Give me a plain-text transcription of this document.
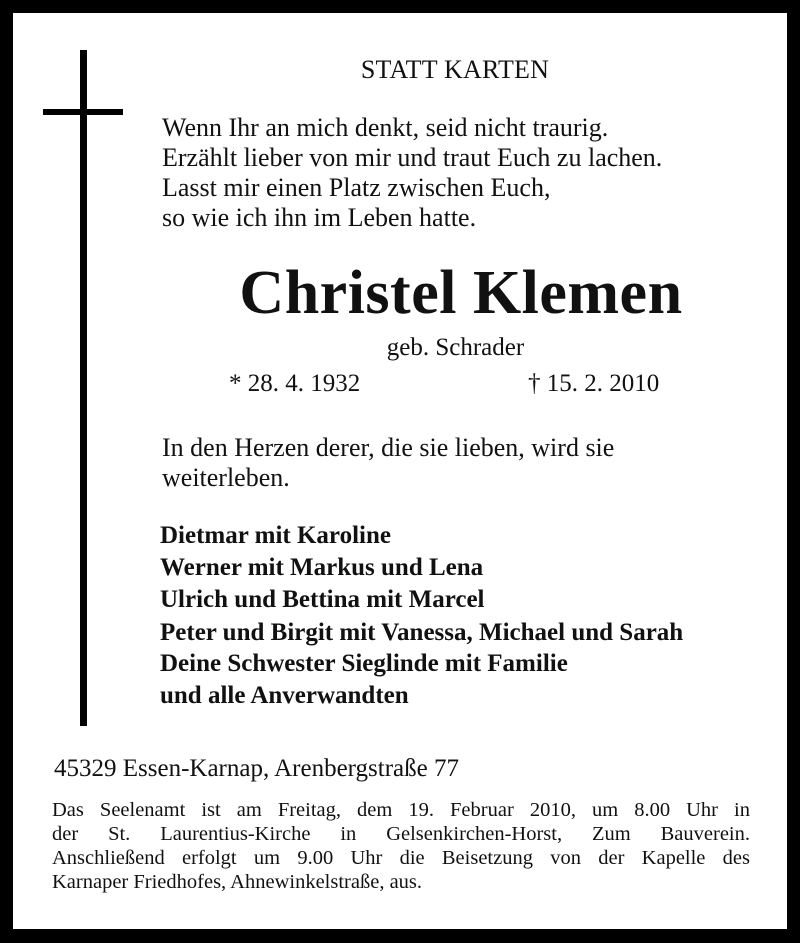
STATT KARTEN

Wenn Ihr an mich denkt, seid nicht traurig.

Erzählt lieber von mir und traut Euch zu lachen.

Lasst mir einen Platz zwischen Euch,

so wie ich ihn im Leben hatte.

Christel Klemen

geb. Schrader

* 28. 4. 1932	† 15. 2. 2010

In den Herzen derer, die sie lieben, wird sie

weiterleben.

Dietmar mit Karoline

Werner mit Markus und Lena

Ulrich und Bettina mit Marcel

Peter und Birgit mit Vanessa, Michael und Sarah

Deine Schwester Sieglinde mit Familie

und alle Anverwandten

45329 Essen-Karnap, Arenbergstraße 77

Das Seelenamt ist am Freitag, dem 19. Februar 2010, um 8.00 Uhr in
der St. Laurentius-Kirche in Gelsenkirchen-Horst, Zum Bauverein.
Anschließend erfolgt um 9.00 Uhr die Beisetzung von der Kapelle des
Karnaper Friedhofes, Ahnewinkelstraße, aus.
